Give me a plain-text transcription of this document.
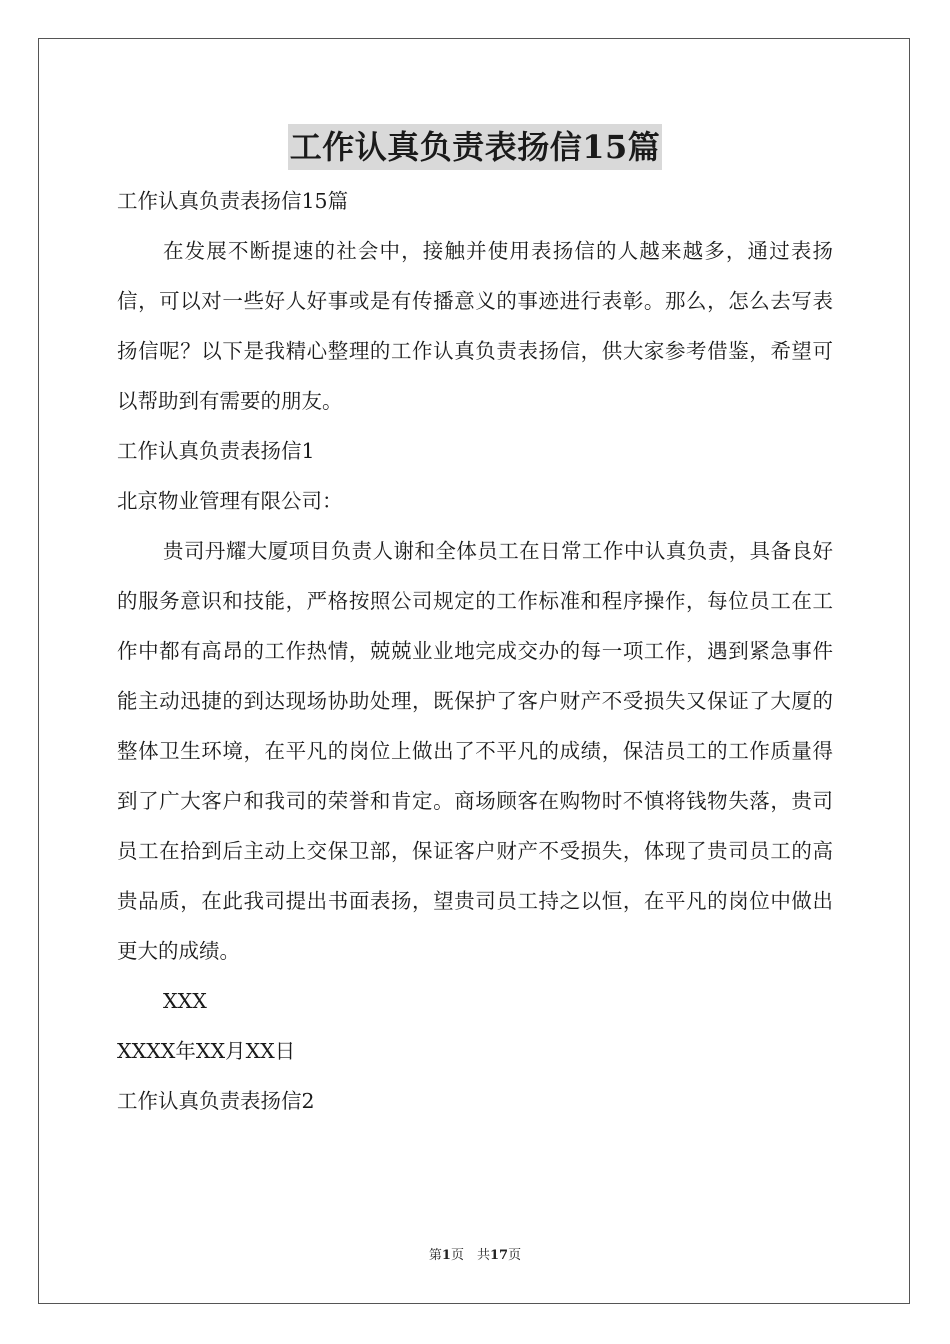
工作认真负责表扬信15篇
工作认真负责表扬信15篇
在发展不断提速的社会中，接触并使用表扬信的人越来越多，通过表扬信，可以对一些好人好事或是有传播意义的事迹进行表彰。那么，怎么去写表扬信呢？以下是我精心整理的工作认真负责表扬信，供大家参考借鉴，希望可以帮助到有需要的朋友。
工作认真负责表扬信1
北京物业管理有限公司：
贵司丹耀大厦项目负责人谢和全体员工在日常工作中认真负责，具备良好的服务意识和技能，严格按照公司规定的工作标准和程序操作，每位员工在工作中都有高昂的工作热情，兢兢业业地完成交办的每一项工作，遇到紧急事件能主动迅捷的到达现场协助处理，既保护了客户财产不受损失又保证了大厦的整体卫生环境，在平凡的岗位上做出了不平凡的成绩，保洁员工的工作质量得到了广大客户和我司的荣誉和肯定。商场顾客在购物时不慎将钱物失落，贵司员工在拾到后主动上交保卫部，保证客户财产不受损失，体现了贵司员工的高贵品质，在此我司提出书面表扬，望贵司员工持之以恒，在平凡的岗位中做出更大的成绩。
XXX
XXXX年XX月XX日
工作认真负责表扬信2
第1页　共17页
